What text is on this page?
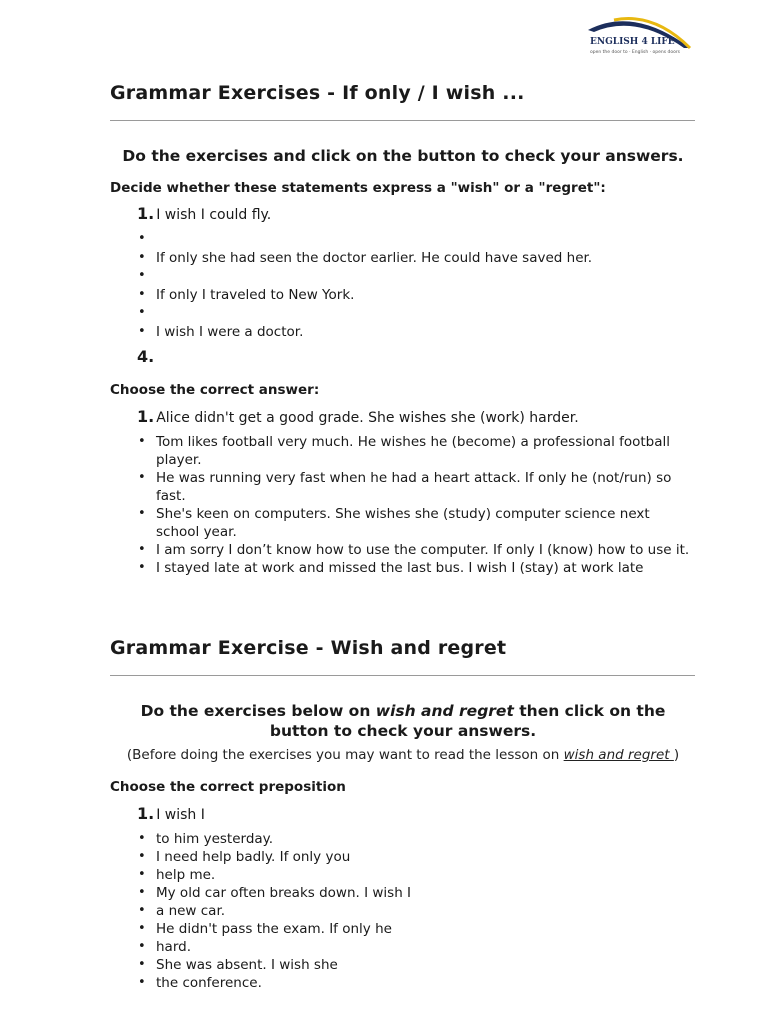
ENGLISH 4 LIFE
open the door to · English · opens doors
Grammar Exercises - If only / I wish ...
Do the exercises and click on the button to check your answers.
Decide whether these statements express a "wish" or a "regret":
1. I wish I could fly.
•
• If only she had seen the doctor earlier. He could have saved her.
•
• If only I traveled to New York.
•
• I wish I were a doctor.
4.
Choose the correct answer:
1. Alice didn't get a good grade. She wishes she (work) harder.
• Tom likes football very much. He wishes he (become) a professional football player.
• He was running very fast when he had a heart attack. If only he (not/run) so fast.
• She's keen on computers. She wishes she (study) computer science next school year.
• I am sorry I don’t know how to use the computer. If only I (know) how to use it.
• I stayed late at work and missed the last bus. I wish I (stay) at work late
Grammar Exercise - Wish and regret
Do the exercises below on wish and regret then click on the button to check your answers.
(Before doing the exercises you may want to read the lesson on wish and regret )
Choose the correct preposition
1. I wish I
• to him yesterday.
• I need help badly. If only you
• help me.
• My old car often breaks down. I wish I
• a new car.
• He didn't pass the exam. If only he
• hard.
• She was absent. I wish she
• the conference.
